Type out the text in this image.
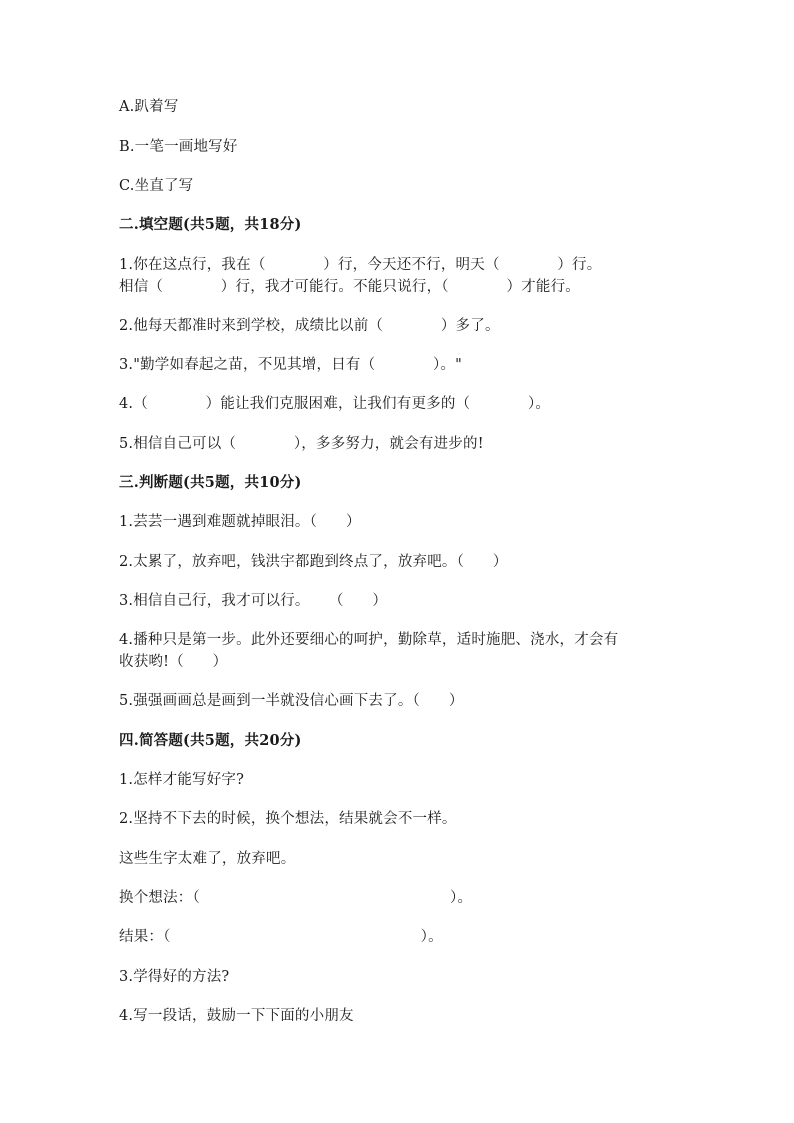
A.趴着写
B.一笔一画地写好
C.坐直了写
二.填空题(共5题，共18分)
1.你在这点行，我在（            ）行，今天还不行，明天（            ）行。
相信（            ）行，我才可能行。不能只说行，（            ）才能行。
2.他每天都准时来到学校，成绩比以前（            ）多了。
3."勤学如春起之苗，不见其增，日有（            ）。"
4.（            ）能让我们克服困难，让我们有更多的（            ）。
5.相信自己可以（            ），多多努力，就会有进步的!
三.判断题(共5题，共10分)
1.芸芸一遇到难题就掉眼泪。（      ）
2.太累了，放弃吧，钱洪宇都跑到终点了，放弃吧。（      ）
3.相信自己行，我才可以行。    （      ）
4.播种只是第一步。此外还要细心的呵护，勤除草，适时施肥、浇水，才会有
收获哟!（      ）
5.强强画画总是画到一半就没信心画下去了。（      ）
四.简答题(共5题，共20分)
1.怎样才能写好字?
2.坚持不下去的时候，换个想法，结果就会不一样。
这些生字太难了，放弃吧。
换个想法：（                                                    ）。
结果：（                                                    ）。
3.学得好的方法?
4.写一段话，鼓励一下下面的小朋友
